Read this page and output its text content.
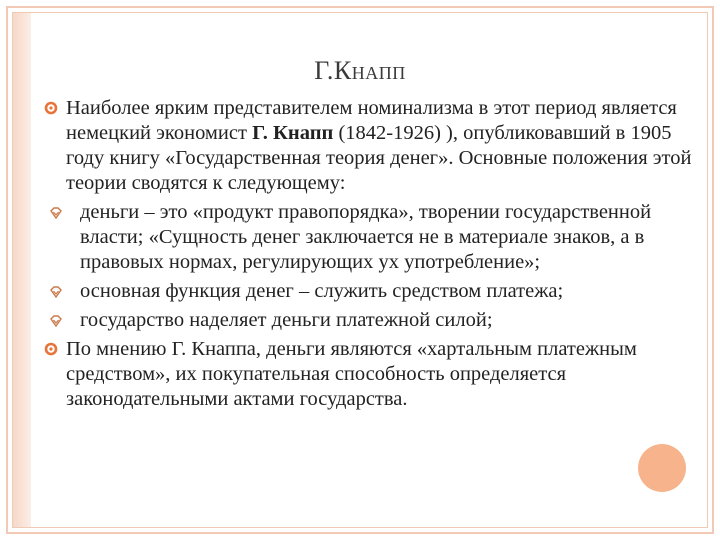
Г.Кнапп
Наиболее ярким представителем номинализма в этот период является немецкий экономист Г. Кнапп (1842-1926) ), опубликовавший в 1905 году книгу «Государственная теория денег». Основные положения этой теории сводятся к следующему:
деньги – это «продукт правопорядка», творении государственной власти; «Сущность денег заключается не в материале знаков, а в правовых нормах, регулирующих ух употребление»;
основная функция денег – служить средством платежа;
государство наделяет деньги платежной силой;
По мнению Г. Кнаппа, деньги являются «хартальным платежным средством», их покупательная способность определяется законодательными актами государства.
